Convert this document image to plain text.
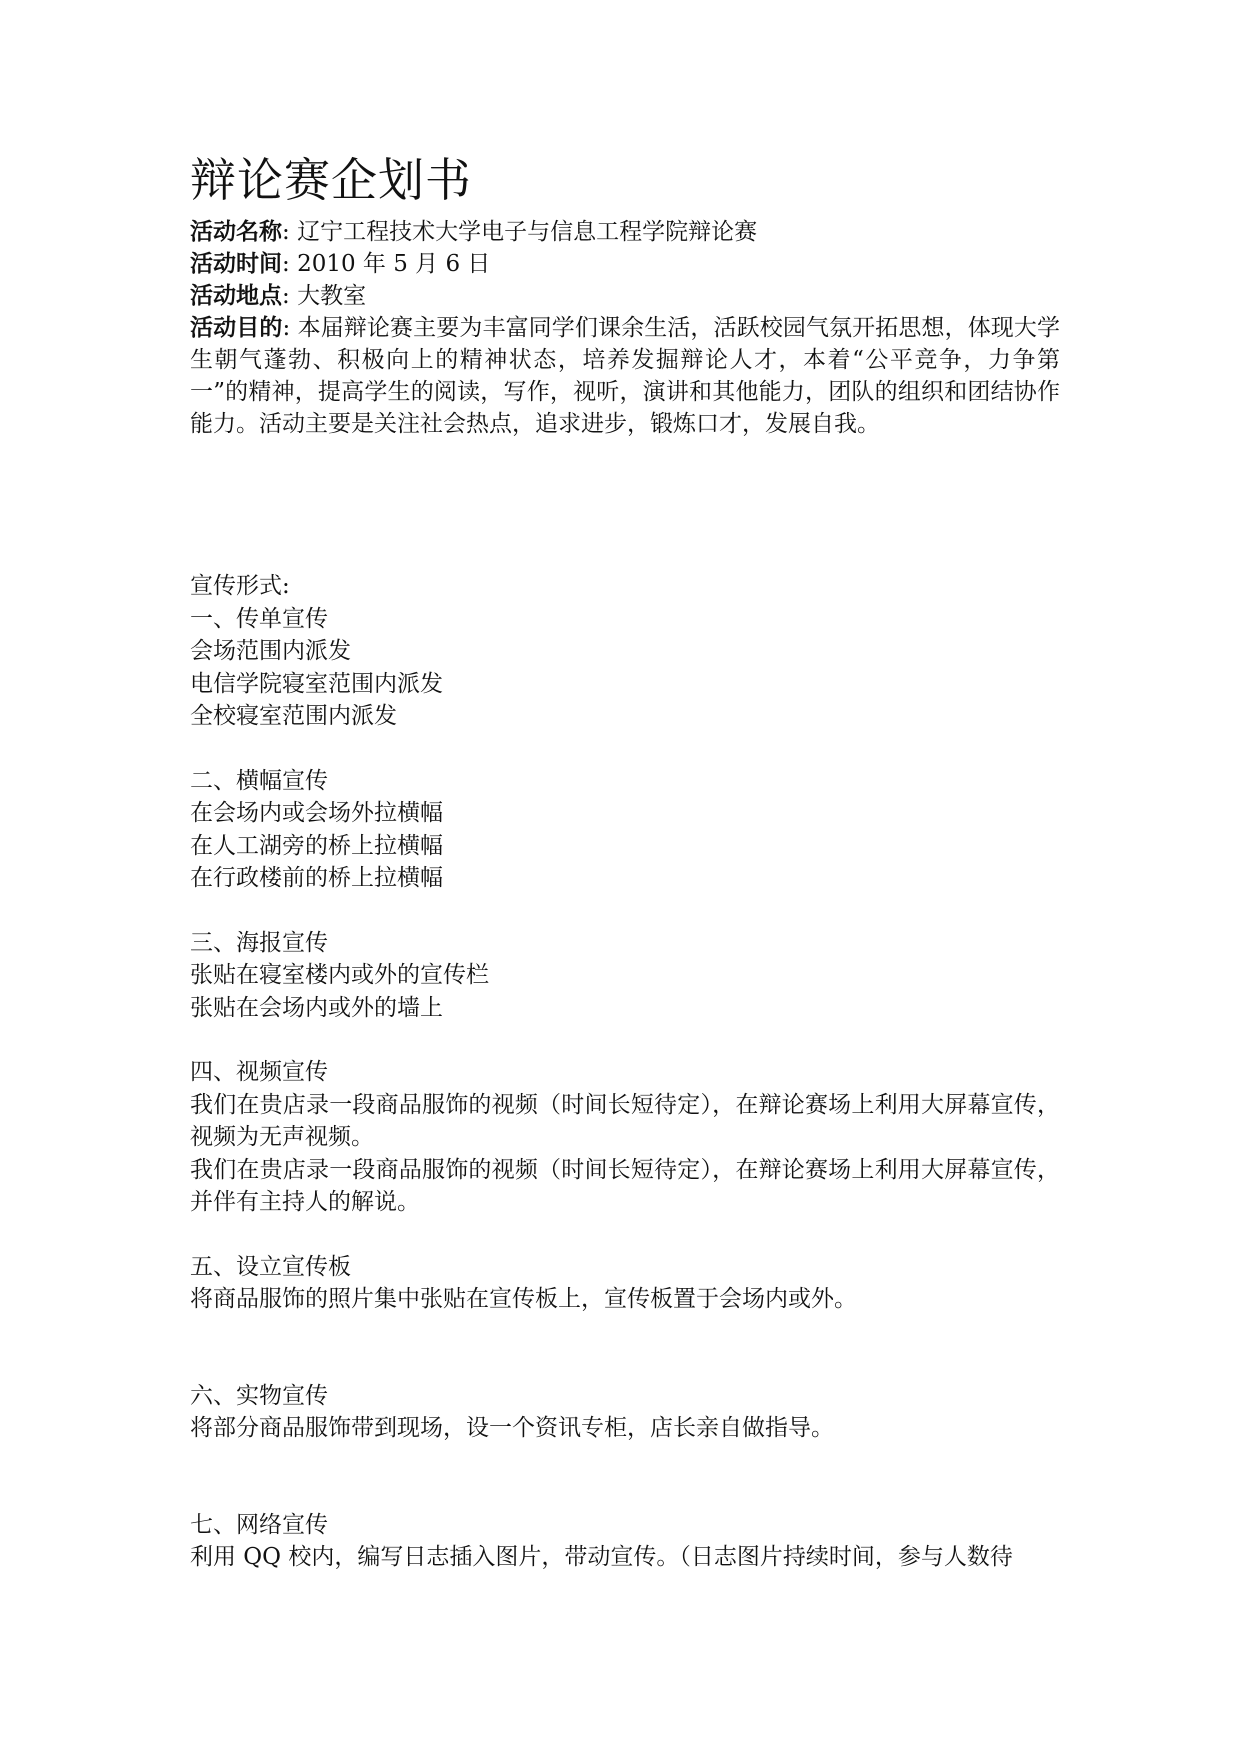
辩论赛企划书
活动名称: 辽宁工程技术大学电子与信息工程学院辩论赛
活动时间: 2010 年 5 月 6 日
活动地点: 大教室
活动目的: 本届辩论赛主要为丰富同学们课余生活，活跃校园气氛开拓思想，体现大学生朝气蓬勃、积极向上的精神状态，培养发掘辩论人才，本着“公平竞争，力争第一”的精神，提高学生的阅读，写作，视听，演讲和其他能力，团队的组织和团结协作能力。活动主要是关注社会热点，追求进步，锻炼口才，发展自我。
宣传形式:
一、传单宣传
会场范围内派发
电信学院寝室范围内派发
全校寝室范围内派发
二、横幅宣传
在会场内或会场外拉横幅
在人工湖旁的桥上拉横幅
在行政楼前的桥上拉横幅
三、海报宣传
张贴在寝室楼内或外的宣传栏
张贴在会场内或外的墙上
四、视频宣传
我们在贵店录一段商品服饰的视频（时间长短待定），在辩论赛场上利用大屏幕宣传，视频为无声视频。
我们在贵店录一段商品服饰的视频（时间长短待定），在辩论赛场上利用大屏幕宣传，并伴有主持人的解说。
五、设立宣传板
将商品服饰的照片集中张贴在宣传板上，宣传板置于会场内或外。
六、实物宣传
将部分商品服饰带到现场，设一个资讯专柜，店长亲自做指导。
七、网络宣传
利用 QQ 校内，编写日志插入图片，带动宣传。（日志图片持续时间，参与人数待
